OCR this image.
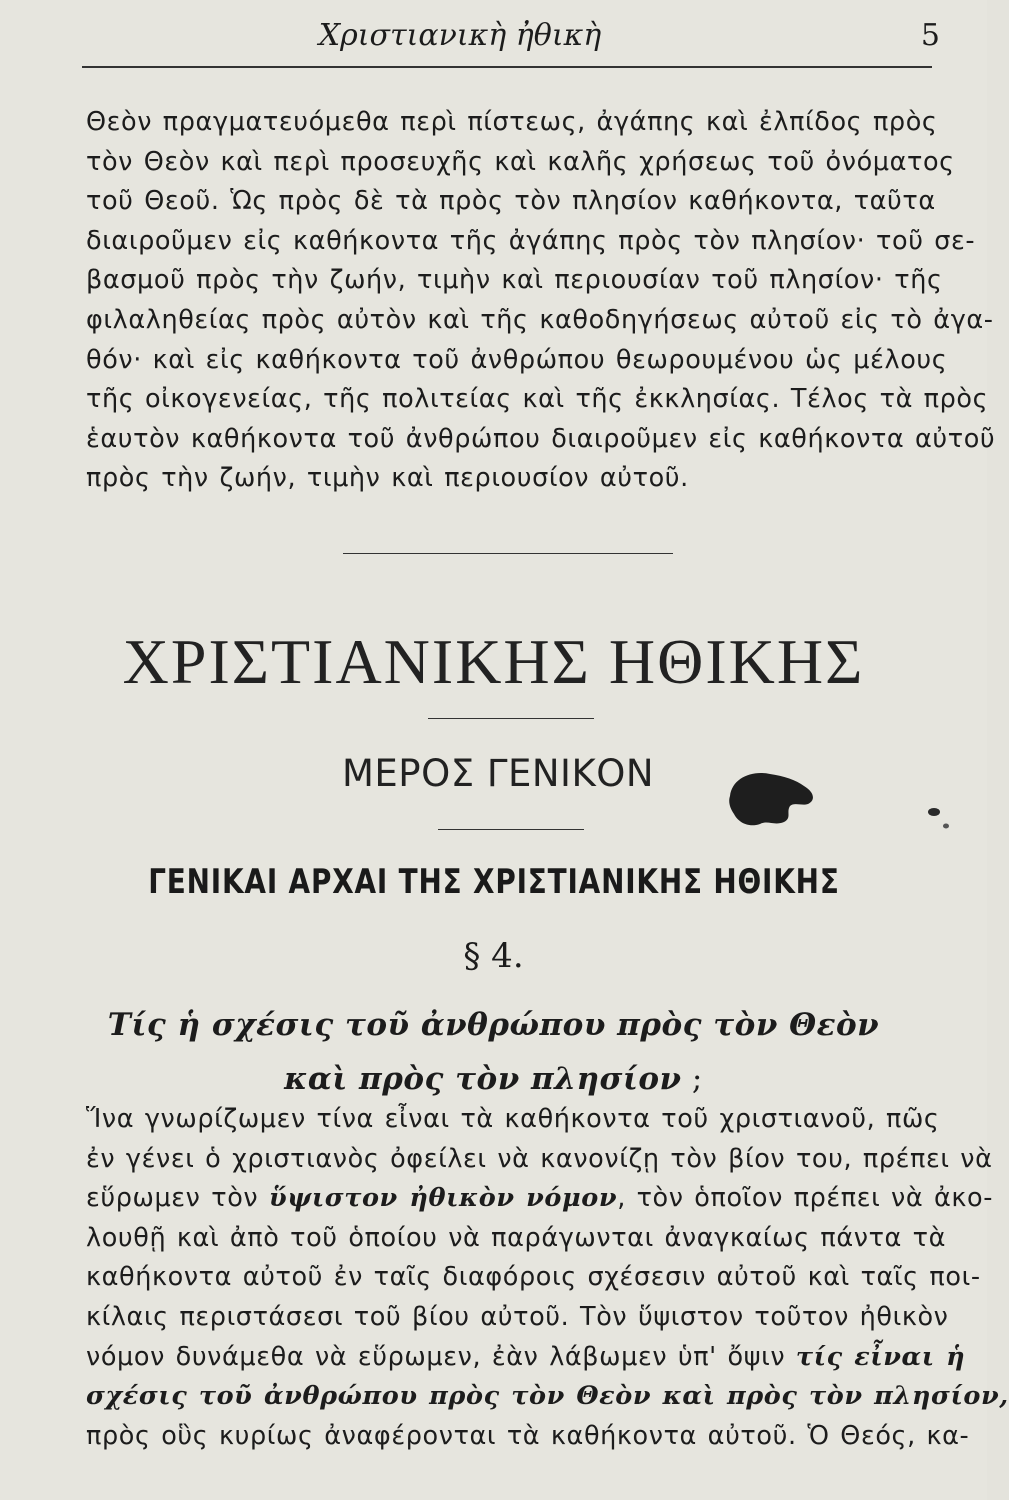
Χριστιανικὴ ἠθικὴ	5
Θεὸν πραγματευόμεθα περὶ πίστεως, ἀγάπης καὶ ἐλπίδος πρὸς
τὸν Θεὸν καὶ περὶ προσευχῆς καὶ καλῆς χρήσεως τοῦ ὀνόματος
τοῦ Θεοῦ. Ὡς πρὸς δὲ τὰ πρὸς τὸν πλησίον καθήκοντα, ταῦτα
διαιροῦμεν εἰς καθήκοντα τῆς ἀγάπης πρὸς τὸν πλησίον· τοῦ σε-
βασμοῦ πρὸς τὴν ζωήν, τιμὴν καὶ περιουσίαν τοῦ πλησίον· τῆς
φιλαληθείας πρὸς αὐτὸν καὶ τῆς καθοδηγήσεως αὐτοῦ εἰς τὸ ἀγα-
θόν· καὶ εἰς καθήκοντα τοῦ ἀνθρώπου θεωρουμένου ὡς μέλους
τῆς οἰκογενείας, τῆς πολιτείας καὶ τῆς ἐκκλησίας. Τέλος τὰ πρὸς
ἑαυτὸν καθήκοντα τοῦ ἀνθρώπου διαιροῦμεν εἰς καθήκοντα αὐτοῦ
πρὸς τὴν ζωήν, τιμὴν καὶ περιουσίον αὐτοῦ.
ΧΡΙΣΤΙΑΝΙΚΗΣ ΗΘΙΚΗΣ
ΜΕΡΟΣ ΓΕΝΙΚΟΝ
ΓΕΝΙΚΑΙ ΑΡΧΑΙ ΤΗΣ ΧΡΙΣΤΙΑΝΙΚΗΣ ΗΘΙΚΗΣ
§ 4.
Τίς ἡ σχέσις τοῦ ἀνθρώπου πρὸς τὸν Θεὸν
καὶ πρὸς τὸν πλησίον ;
Ἵνα γνωρίζωμεν τίνα εἶναι τὰ καθήκοντα τοῦ χριστιανοῦ, πῶς
ἐν γένει ὁ χριστιανὸς ὀφείλει νὰ κανονίζῃ τὸν βίον του, πρέπει νὰ
εὕρωμεν τὸν ὕψιστον ἠθικὸν νόμον, τὸν ὁποῖον πρέπει νὰ ἀκο-
λουθῇ καὶ ἀπὸ τοῦ ὁποίου νὰ παράγωνται ἀναγκαίως πάντα τὰ
καθήκοντα αὐτοῦ ἐν ταῖς διαφόροις σχέσεσιν αὐτοῦ καὶ ταῖς ποι-
κίλαις περιστάσεσι τοῦ βίου αὐτοῦ. Τὸν ὕψιστον τοῦτον ἠθικὸν
νόμον δυνάμεθα νὰ εὕρωμεν, ἐὰν λάβωμεν ὑπ' ὄψιν τίς εἶναι ἡ
σχέσις τοῦ ἀνθρώπου πρὸς τὸν Θεὸν καὶ πρὸς τὸν πλησίον,
πρὸς οὓς κυρίως ἀναφέρονται τὰ καθήκοντα αὐτοῦ. Ὁ Θεός, κα-
